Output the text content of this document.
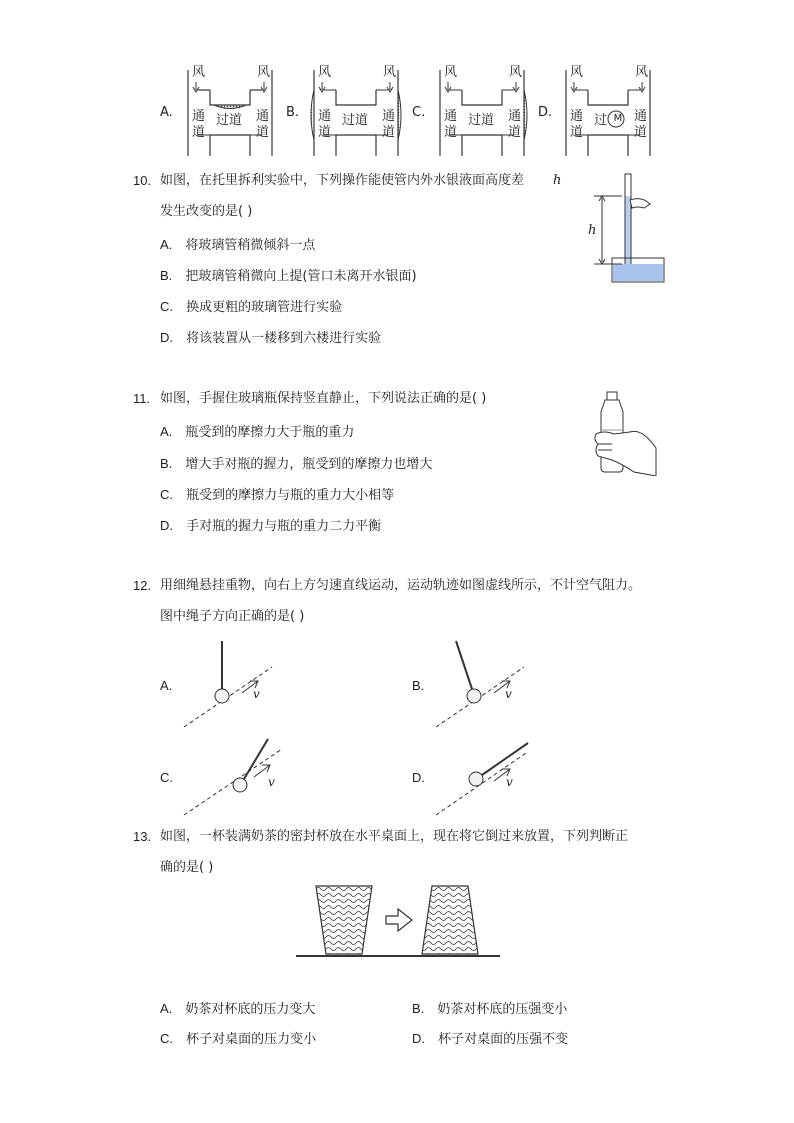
A.
风	风
通
道
过道 通
道
B.
风	风
通
道
过道 通
道
C.
风	风
通
道
过道 通
道
D.
风	风
通
道
过 M 通
道
10. 如图，在托里拆利实验中，下列操作能使管内外水银液面高度差 h
发生改变的是( )
A. 将玻璃管稍微倾斜一点
B. 把玻璃管稍微向上提(管口未离开水银面)
C. 换成更粗的玻璃管进行实验
D. 将该装置从一楼移到六楼进行实验
h
11. 如图，手握住玻璃瓶保持竖直静止，下列说法正确的是( )
A. 瓶受到的摩擦力大于瓶的重力
B. 增大手对瓶的握力，瓶受到的摩擦力也增大
C. 瓶受到的摩擦力与瓶的重力大小相等
D. 手对瓶的握力与瓶的重力二力平衡
12. 用细绳悬挂重物，向右上方匀速直线运动，运动轨迹如图虚线所示，不计空气阻力。
图中绳子方向正确的是( )
A.
v
B.
v
C.	v	D.	v
13. 如图，一杯装满奶茶的密封杯放在水平桌面上，现在将它倒过来放置，下列判断正
确的是( )
A. 奶茶对杯底的压力变大	B. 奶茶对杯底的压强变小
C. 杯子对桌面的压力变小	D. 杯子对桌面的压强不变
